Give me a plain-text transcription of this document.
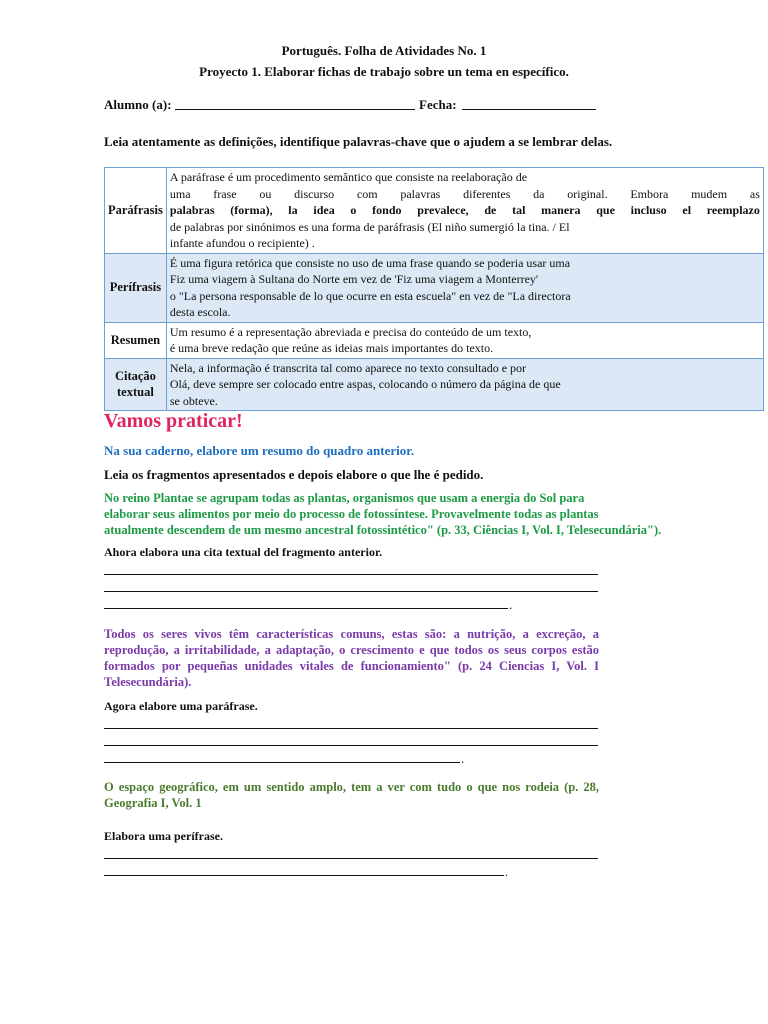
Português. Folha de Atividades No. 1
Proyecto 1. Elaborar fichas de trabajo sobre un tema en específico.
Alumno (a):	Fecha:
Leia atentamente as definições, identifique palavras-chave que o ajudem a se lembrar delas.
Paráfrasis	A paráfrase é um procedimento semântico que consiste na reelaboração de
uma frase ou discurso com palavras diferentes da original. Embora mudem as
palabras (forma), la idea o fondo prevalece, de tal manera que incluso el reemplazo
de palabras por sinónimos es una forma de paráfrasis (El niño sumergió la tina. / El
infante afundou o recipiente) .

Perífrasis	É uma figura retórica que consiste no uso de uma frase quando se poderia usar uma
Fiz uma viagem à Sultana do Norte em vez de 'Fiz uma viagem a Monterrey'
o "La persona responsable de lo que ocurre en esta escuela" en vez de "La directora
desta escola.

Resumen	Um resumo é a representação abreviada e precisa do conteúdo de um texto,
é uma breve redação que reúne as ideias mais importantes do texto.

Citação textual	Nela, a informação é transcrita tal como aparece no texto consultado e por
Olá, deve sempre ser colocado entre aspas, colocando o número da página de que
se obteve.
Vamos praticar!
Na sua caderno, elabore um resumo do quadro anterior.
Leia os fragmentos apresentados e depois elabore o que lhe é pedido.
No reino Plantae se agrupam todas as plantas, organismos que usam a energia do Sol para
elaborar seus alimentos por meio do processo de fotossíntese. Provavelmente todas as plantas
atualmente descendem de um mesmo ancestral fotossintético" (p. 33, Ciências I, Vol. I, Telesecundária").
Ahora elabora una cita textual del fragmento anterior.
.
Todos os seres vivos têm características comuns, estas são: a nutrição, a excreção, a reprodução, a irritabilidade, a adaptação, o crescimento e que todos os seus corpos estão formados por pequeñas unidades vitales de funcionamiento" (p. 24 Ciencias I, Vol. I Telesecundária).
Agora elabore uma paráfrase.
.
O espaço geográfico, em um sentido amplo, tem a ver com tudo o que nos rodeia (p. 28, Geografia I, Vol. 1
Elabora uma perífrase.
.
